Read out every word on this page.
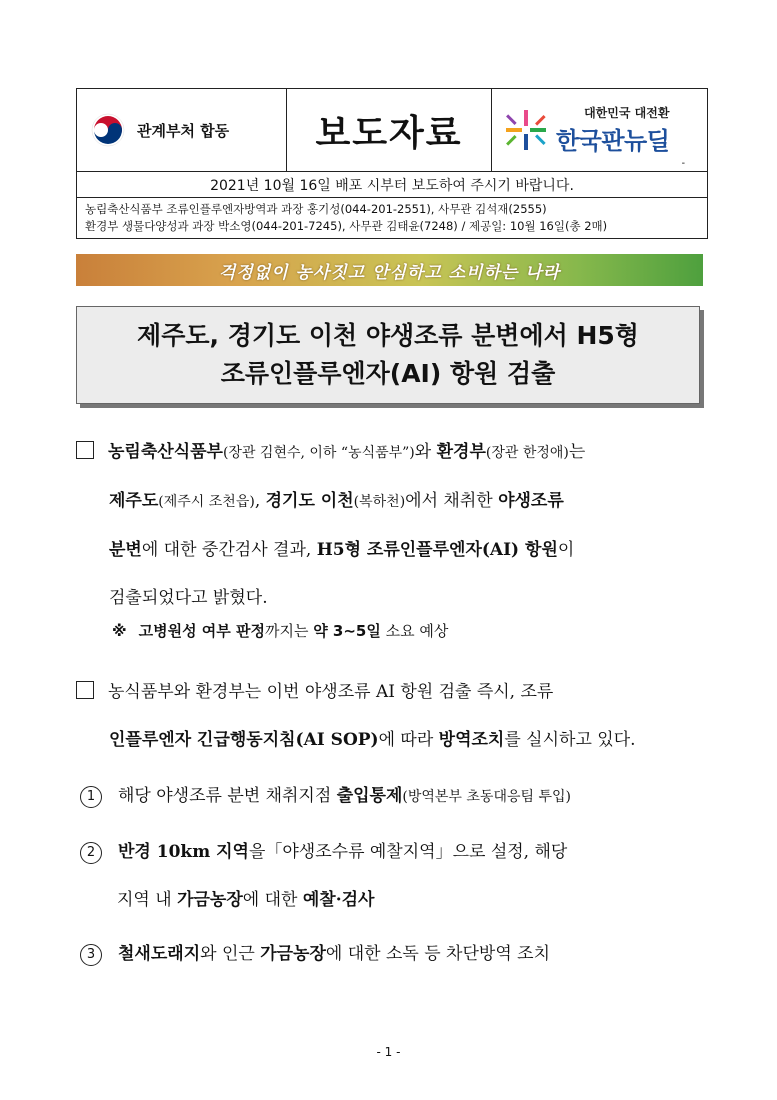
관계부처 합동 보도자료	대한민국 대전환
한국판뉴딜
-
2021년 10월 16일 배포 시부터 보도하여 주시기 바랍니다.
농림축산식품부 조류인플루엔자방역과 과장 홍기성(044-201-2551), 사무관 김석재(2555)
환경부 생물다양성과 과장 박소영(044-201-7245), 사무관 김태윤(7248) / 제공일: 10월 16일(총 2매)
걱정없이 농사짓고 안심하고 소비하는 나라
제주도, 경기도 이천 야생조류 분변에서 H5형
조류인플루엔자(AI) 항원 검출
농림축산식품부(장관 김현수, 이하 “농식품부”)와 환경부(장관 한정애)는
제주도(제주시 조천읍), 경기도 이천(복하천)에서 채취한 야생조류
분변에 대한 중간검사 결과, H5형 조류인플루엔자(AI) 항원이
검출되었다고 밝혔다.
※ 고병원성 여부 판정까지는 약 3∼5일 소요 예상
농식품부와 환경부는 이번 야생조류 AI 항원 검출 즉시, 조류
인플루엔자 긴급행동지침(AI SOP)에 따라 방역조치를 실시하고 있다.
1 해당 야생조류 분변 채취지점 출입통제(방역본부 초동대응팀 투입)
2 반경 10km 지역을「야생조수류 예찰지역」으로 설정, 해당
지역 내 가금농장에 대한 예찰·검사
3 철새도래지와 인근 가금농장에 대한 소독 등 차단방역 조치
- 1 -
